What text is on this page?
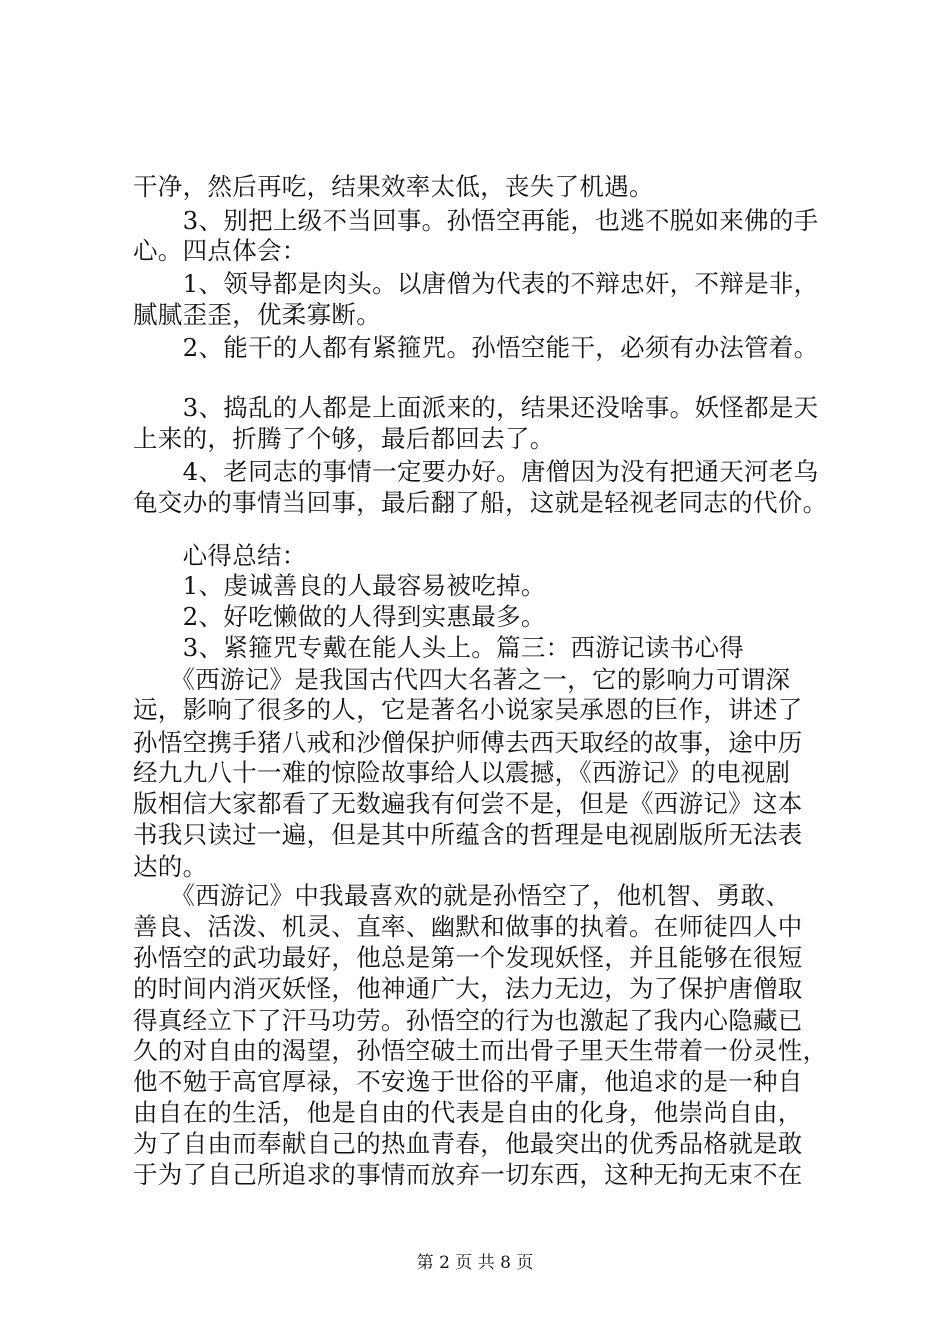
干净，然后再吃，结果效率太低，丧失了机遇。
　　3、别把上级不当回事。孙悟空再能，也逃不脱如来佛的手
心。四点体会：
　　1、领导都是肉头。以唐僧为代表的不辩忠奸，不辩是非，
腻腻歪歪，优柔寡断。
　　2、能干的人都有紧箍咒。孙悟空能干，必须有办法管着。
　　3、捣乱的人都是上面派来的，结果还没啥事。妖怪都是天
上来的，折腾了个够，最后都回去了。
　　4、老同志的事情一定要办好。唐僧因为没有把通天河老乌
龟交办的事情当回事，最后翻了船，这就是轻视老同志的代价。
　　心得总结：
　　1、虔诚善良的人最容易被吃掉。
　　2、好吃懒做的人得到实惠最多。
　　3、紧箍咒专戴在能人头上。篇三：西游记读书心得
　　《西游记》是我国古代四大名著之一，它的影响力可谓深
远，影响了很多的人，它是著名小说家吴承恩的巨作，讲述了
孙悟空携手猪八戒和沙僧保护师傅去西天取经的故事，途中历
经九九八十一难的惊险故事给人以震撼，《西游记》的电视剧
版相信大家都看了无数遍我有何尝不是，但是《西游记》这本
书我只读过一遍，但是其中所蕴含的哲理是电视剧版所无法表
达的。
　　《西游记》中我最喜欢的就是孙悟空了，他机智、勇敢、
善良、活泼、机灵、直率、幽默和做事的执着。在师徒四人中
孙悟空的武功最好，他总是第一个发现妖怪，并且能够在很短
的时间内消灭妖怪，他神通广大，法力无边，为了保护唐僧取
得真经立下了汗马功劳。孙悟空的行为也激起了我内心隐藏已
久的对自由的渴望，孙悟空破土而出骨子里天生带着一份灵性，
他不勉于高官厚禄，不安逸于世俗的平庸，他追求的是一种自
由自在的生活，他是自由的代表是自由的化身，他崇尚自由，
为了自由而奉献自己的热血青春，他最突出的优秀品格就是敢
于为了自己所追求的事情而放弃一切东西，这种无拘无束不在
第 2 页 共 8 页
